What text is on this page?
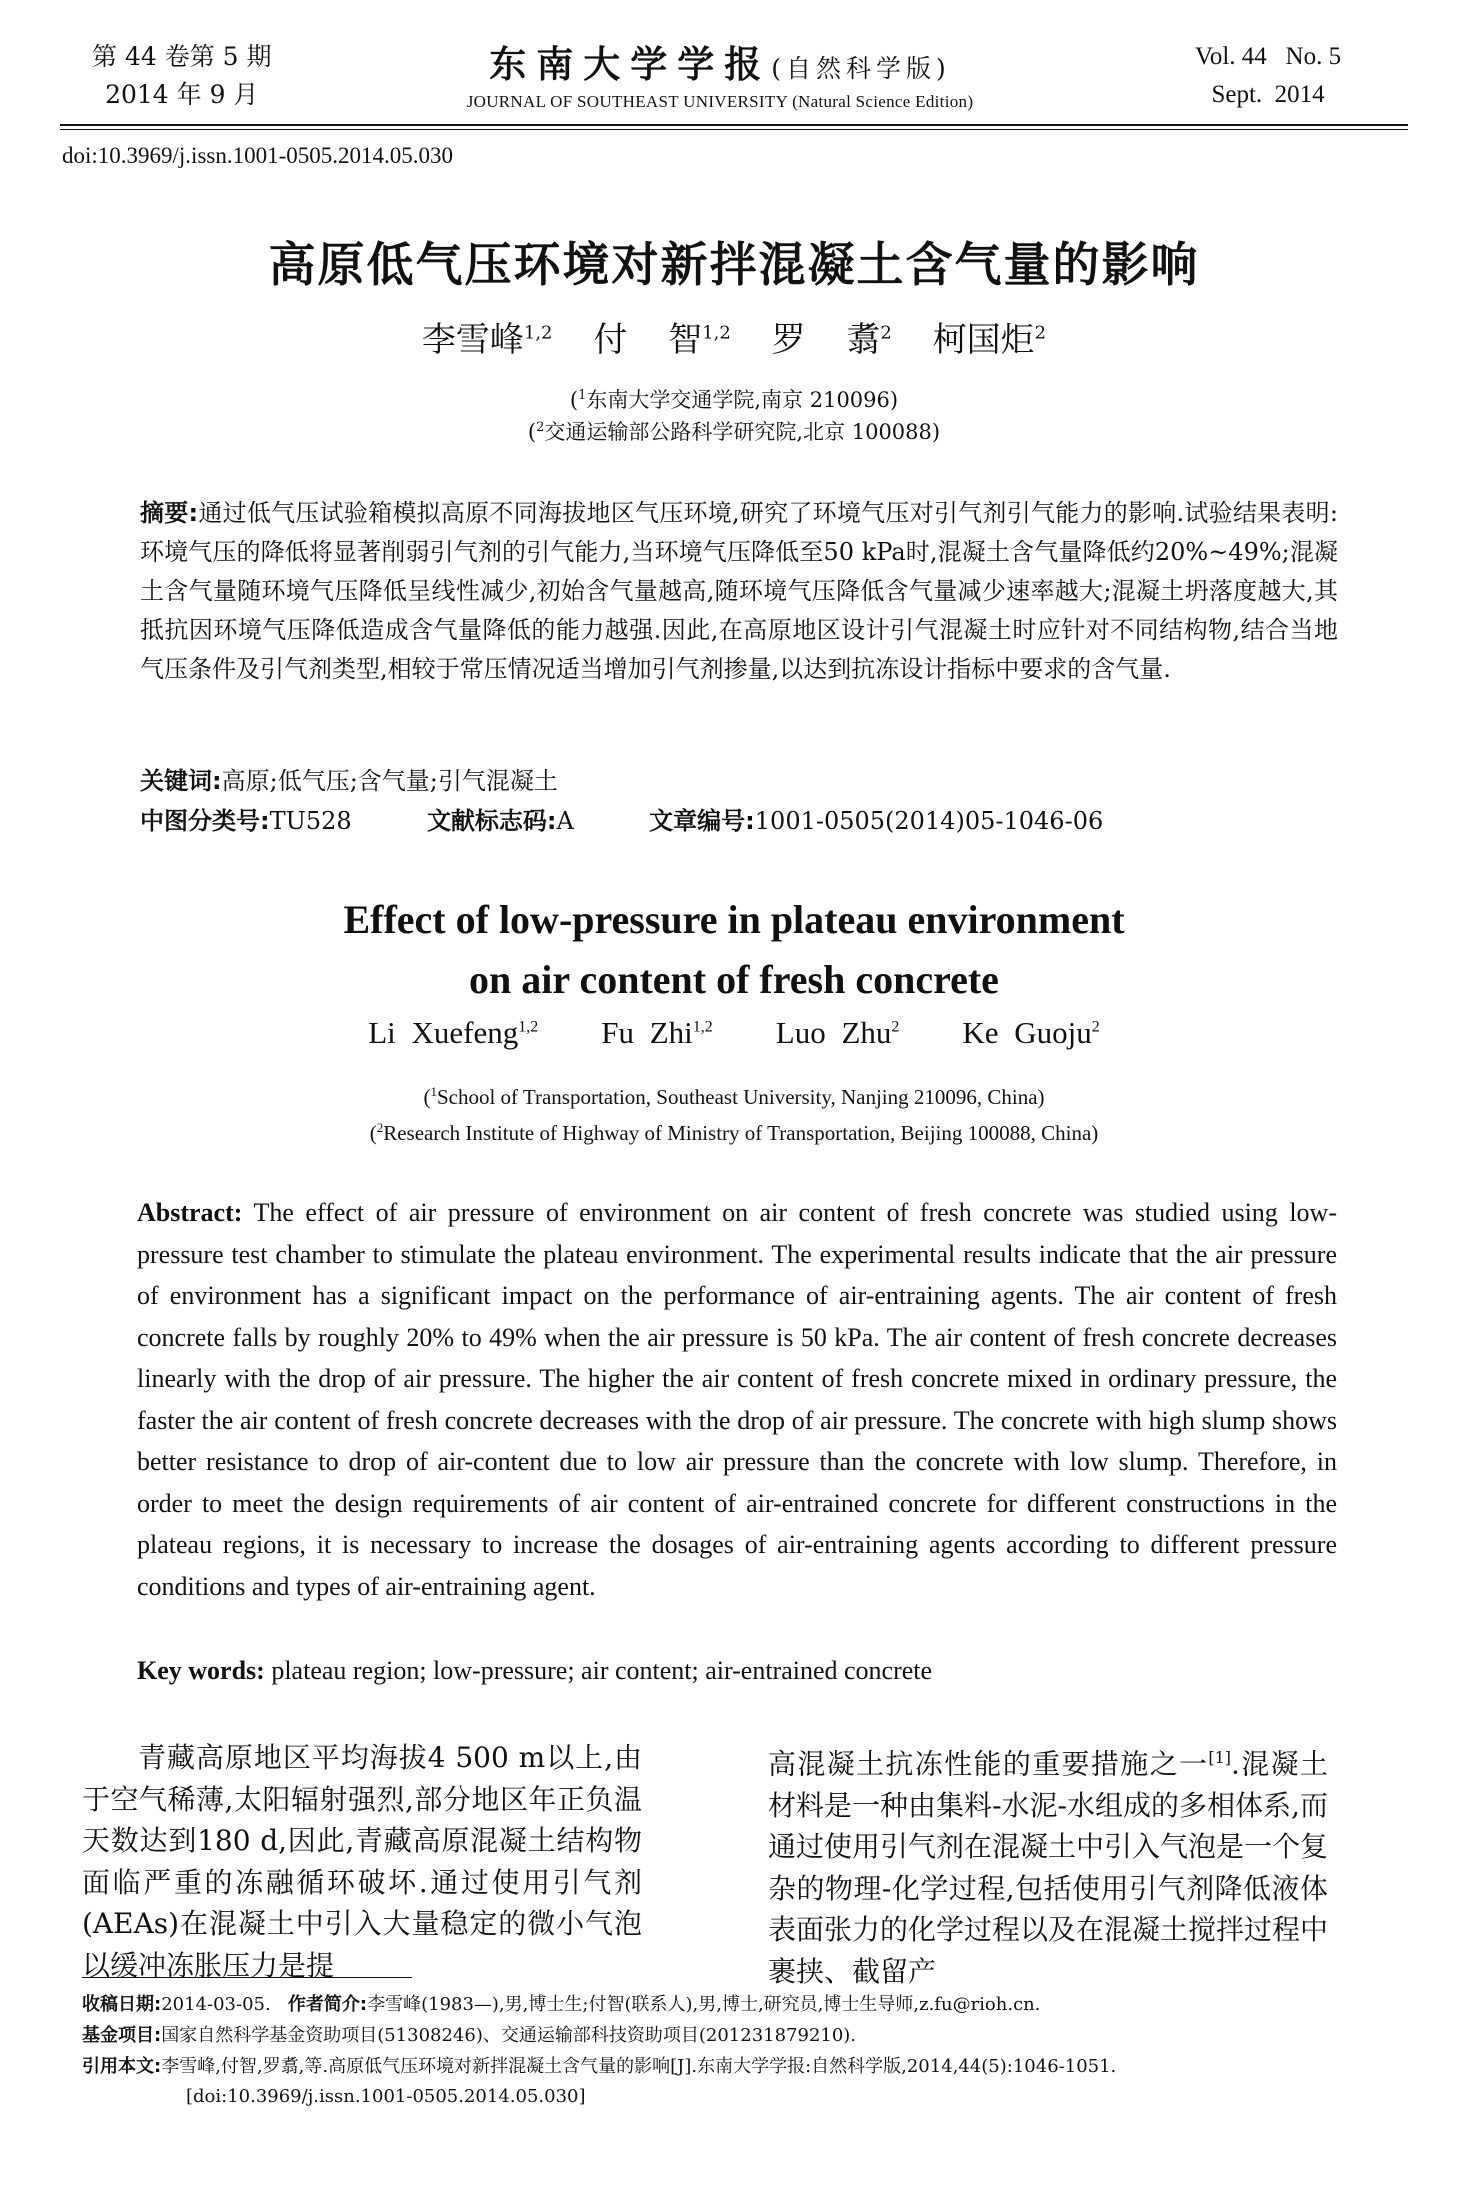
第 44 卷第 5 期
2014 年 9 月
东南大学学报(自然科学版)
JOURNAL OF SOUTHEAST UNIVERSITY (Natural Science Edition)
Vol. 44   No. 5
Sept.  2014
doi:10.3969/j.issn.1001-0505.2014.05.030
高原低气压环境对新拌混凝土含气量的影响
李雪峰$^{1,2}$ 付 智$^{1,2}$ 罗 翥$^2$ 柯国炬$^2$
($^1$东南大学交通学院,南京 210096)
($^2$交通运输部公路科学研究院,北京 100088)
摘要:通过低气压试验箱模拟高原不同海拔地区气压环境,研究了环境气压对引气剂引气能力的影响.试验结果表明:环境气压的降低将显著削弱引气剂的引气能力,当环境气压降低至50 kPa时,混凝土含气量降低约20%~49%;混凝土含气量随环境气压降低呈线性减少,初始含气量越高,随环境气压降低含气量减少速率越大;混凝土坍落度越大,其抵抗因环境气压降低造成含气量降低的能力越强.因此,在高原地区设计引气混凝土时应针对不同结构物,结合当地气压条件及引气剂类型,相较于常压情况适当增加引气剂掺量,以达到抗冻设计指标中要求的含气量.
关键词:高原;低气压;含气量;引气混凝土
中图分类号:TU528	文献标志码:A	文章编号:1001-0505(2014)05-1046-06
Effect of low-pressure in plateau environment
on air content of fresh concrete
Li Xuefeng$^{1,2}$ Fu Zhi$^{1,2}$ Luo Zhu$^2$ Ke Guoju$^2$
($^1$School of Transportation, Southeast University, Nanjing 210096, China)
($^2$Research Institute of Highway of Ministry of Transportation, Beijing 100088, China)
Abstract: The effect of air pressure of environment on air content of fresh concrete was studied using low-pressure test chamber to stimulate the plateau environment. The experimental results indicate that the air pressure of environment has a significant impact on the performance of air-entraining agents. The air content of fresh concrete falls by roughly 20% to 49% when the air pressure is 50 kPa. The air content of fresh concrete decreases linearly with the drop of air pressure. The higher the air content of fresh concrete mixed in ordinary pressure, the faster the air content of fresh concrete decreases with the drop of air pressure. The concrete with high slump shows better resistance to drop of air-content due to low air pressure than the concrete with low slump. Therefore, in order to meet the design requirements of air content of air-entrained concrete for different constructions in the plateau regions, it is necessary to increase the dosages of air-entraining agents according to different pressure conditions and types of air-entraining agent.
Key words: plateau region; low-pressure; air content; air-entrained concrete
青藏高原地区平均海拔4 500 m以上,由于空气稀薄,太阳辐射强烈,部分地区年正负温天数达到180 d,因此,青藏高原混凝土结构物面临严重的冻融循环破坏.通过使用引气剂(AEAs)在混凝土中引入大量稳定的微小气泡以缓冲冻胀压力是提
高混凝土抗冻性能的重要措施之一[1].混凝土材料是一种由集料-水泥-水组成的多相体系,而通过使用引气剂在混凝土中引入气泡是一个复杂的物理-化学过程,包括使用引气剂降低液体表面张力的化学过程以及在混凝土搅拌过程中裹挟、截留产
收稿日期:2014-03-05. 作者简介:李雪峰(1983—),男,博士生;付智(联系人),男,博士,研究员,博士生导师,z.fu@rioh.cn.
基金项目:国家自然科学基金资助项目(51308246)、交通运输部科技资助项目(201231879210).
引用本文:李雪峰,付智,罗翥,等.高原低气压环境对新拌混凝土含气量的影响[J].东南大学学报:自然科学版,2014,44(5):1046-1051.
[doi:10.3969/j.issn.1001-0505.2014.05.030]
